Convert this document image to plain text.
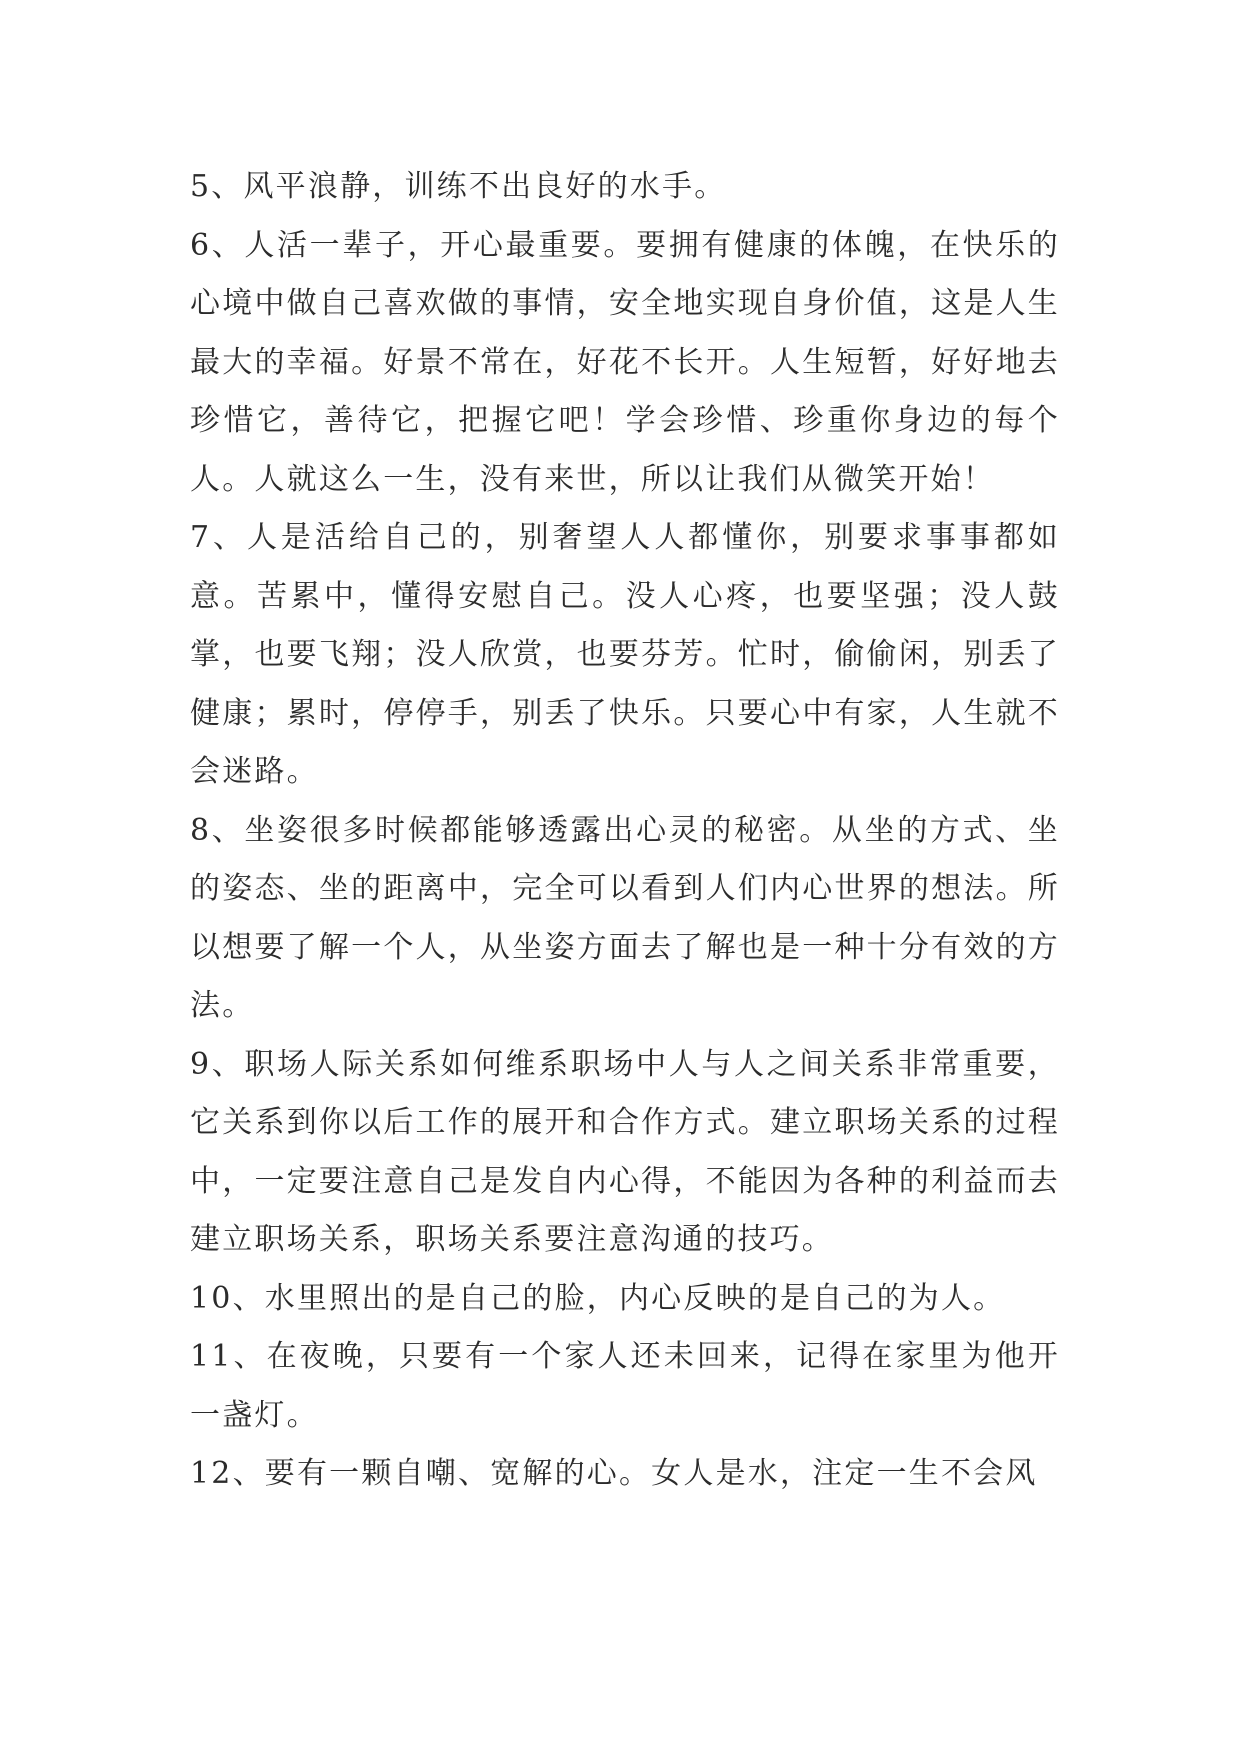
5、风平浪静，训练不出良好的水手。

6、人活一辈子，开心最重要。要拥有健康的体魄，在快乐的心境中做自己喜欢做的事情，安全地实现自身价值，这是人生最大的幸福。好景不常在，好花不长开。人生短暂，好好地去珍惜它，善待它，把握它吧！学会珍惜、珍重你身边的每个人。人就这么一生，没有来世，所以让我们从微笑开始！

7、人是活给自己的，别奢望人人都懂你，别要求事事都如意。苦累中，懂得安慰自己。没人心疼，也要坚强；没人鼓掌，也要飞翔；没人欣赏，也要芬芳。忙时，偷偷闲，别丢了健康；累时，停停手，别丢了快乐。只要心中有家，人生就不会迷路。

8、坐姿很多时候都能够透露出心灵的秘密。从坐的方式、坐的姿态、坐的距离中，完全可以看到人们内心世界的想法。所以想要了解一个人，从坐姿方面去了解也是一种十分有效的方法。

9、职场人际关系如何维系职场中人与人之间关系非常重要，它关系到你以后工作的展开和合作方式。建立职场关系的过程中，一定要注意自己是发自内心得，不能因为各种的利益而去建立职场关系，职场关系要注意沟通的技巧。

10、水里照出的是自己的脸，内心反映的是自己的为人。

11、在夜晚，只要有一个家人还未回来，记得在家里为他开一盏灯。

12、要有一颗自嘲、宽解的心。女人是水，注定一生不会风
